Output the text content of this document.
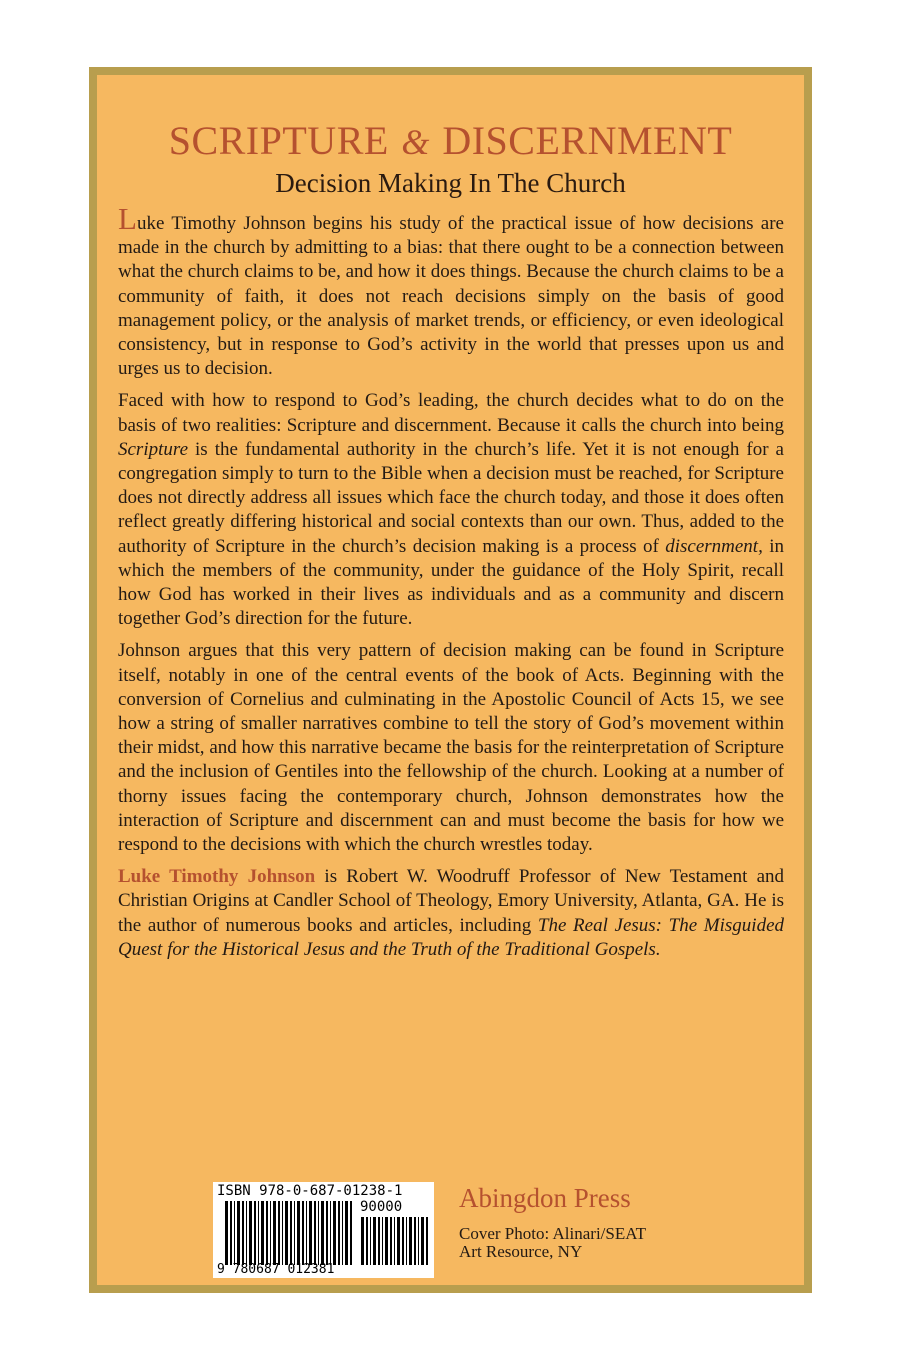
SCRIPTURE & DISCERNMENT
Decision Making In The Church

Luke Timothy Johnson begins his study of the practical issue of how decisions are made in the church by admitting to a bias: that there ought to be a connection between what the church claims to be, and how it does things. Because the church claims to be a community of faith, it does not reach decisions simply on the basis of good management policy, or the analysis of market trends, or efficiency, or even ideological consistency, but in response to God’s activity in the world that presses upon us and urges us to decision.

Faced with how to respond to God’s leading, the church decides what to do on the basis of two realities: Scripture and discernment. Because it calls the church into being Scripture is the fundamental authority in the church’s life. Yet it is not enough for a congregation simply to turn to the Bible when a decision must be reached, for Scripture does not directly address all issues which face the church today, and those it does often reflect greatly differing historical and social contexts than our own. Thus, added to the authority of Scripture in the church’s decision making is a process of discernment, in which the members of the community, under the guidance of the Holy Spirit, recall how God has worked in their lives as individuals and as a community and discern together God’s direction for the future.

Johnson argues that this very pattern of decision making can be found in Scripture itself, notably in one of the central events of the book of Acts. Beginning with the conversion of Cornelius and culminating in the Apostolic Council of Acts 15, we see how a string of smaller narratives combine to tell the story of God’s movement within their midst, and how this narrative became the basis for the reinterpretation of Scripture and the inclusion of Gentiles into the fellowship of the church. Looking at a number of thorny issues facing the contemporary church, Johnson demonstrates how the interaction of Scripture and discernment can and must become the basis for how we respond to the decisions with which the church wrestles today.

Luke Timothy Johnson is Robert W. Woodruff Professor of New Testament and Christian Origins at Candler School of Theology, Emory University, Atlanta, GA. He is the author of numerous books and articles, including The Real Jesus: The Misguided Quest for the Historical Jesus and the Truth of the Traditional Gospels.

ISBN 978-0-687-01238-1
90000
9 780687 012381
Abingdon Press
Cover Photo: Alinari/SEAT
Art Resource, NY
